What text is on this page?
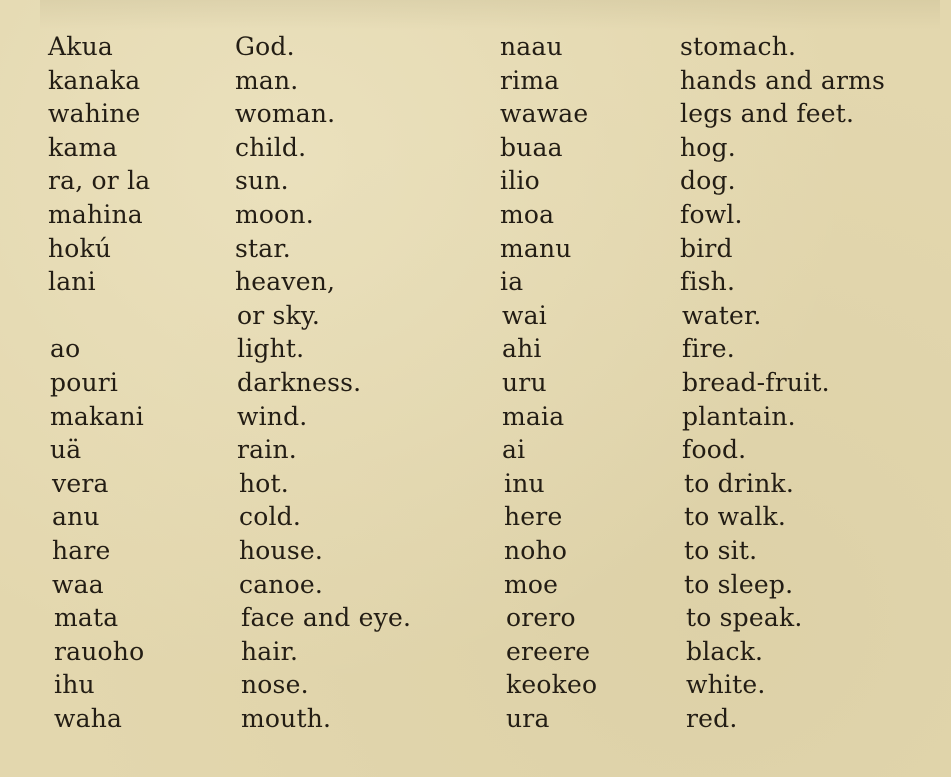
Akua
kanaka
wahine
kama
ra, or la
mahina
hokú
lani
ao
pouri
makani
uä
vera
anu
hare
waa
mata
rauoho
ihu
waha
God.
man.
woman.
child.
sun.
moon.
star.
heaven,
or sky.
light.
darkness.
wind.
rain.
hot.
cold.
house.
canoe.
face and eye.
hair.
nose.
mouth.
naau
rima
wawae
buaa
ilio
moa
manu
ia
wai
ahi
uru
maia
ai
inu
here
noho
moe
orero
ereere
keokeo
ura
stomach.
hands and arms
legs and feet.
hog.
dog.
fowl.
bird
fish.
water.
fire.
bread-fruit.
plantain.
food.
to drink.
to walk.
to sit.
to sleep.
to speak.
black.
white.
red.
